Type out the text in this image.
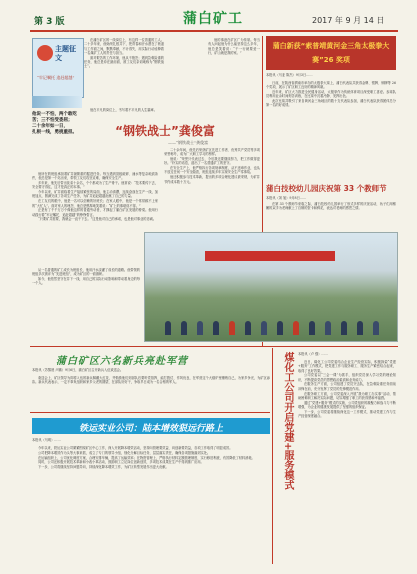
第 3 版	蒲白矿工	2017 年 9 月 14 日
主题征文
“牢记嘱托 追赶超越”

在蒲白矿区的一线岗位上，有这样一位普通的工人。二十多年来，他始终扎根井下，把青春和汗水洒在了巷道与工作面之间，默默奉献，不计得失，用实际行动诠释着一名煤矿工人的责任与担当。

面对艰苦的工作环境，他从不抱怨；遇到急难险重的任务，他总是冲在最前面，被工友们亲切地称为“钢铁战士”。

他在平凡的岗位上，书写着不平凡的人生篇章。

他说一不怕，两个敢吃苦；三不怕受委屈；
二十余年如一日，
扎根一线，勇挑重担。	“钢铁战士”龚俊富
——“钢铁战士”龚俊富

他所在的班组承担着矿井最繁重的掘进任务。每当遇到顶板破碎、涌水等复杂地质条件，他总是第一个站出来，带领工友们攻坚克难，确保安全生产。

多年来，他先后带出徒弟十余名，个个都成为了生产骨干。他常说：“技术要传下去，安全要守得住，这才是真正的本事。”

今年以来，矿井面临着生产接续紧张的局面，他主动请缨，连续奋战在生产一线，加班加点，圆满完成了各项生产任务，为矿井追赶超越贡献了自己的力量。

在工友们的眼中，他是一名可以信赖的好班长；在家人眼中，他是一个常常顾不上家的“大忙人”。面对家人的埋怨，他总是憨厚地笑着说：“矿上的事耽误不得。”

正是有了千千万万个像他这样的普通劳动者，才撑起了蒲白矿区发展的脊梁。他用行动践行着“牢记嘱托、追赶超越”的铮铮誓言。

“只要矿井需要，我就会一直干下去。”这是他对自己的承诺，也是他对事业的忠诚。

二十余年间，他先后荣获矿区先进工作者、优秀共产党员等多项荣誉称号，成为广大职工学习的榜样。

他说：“荣誉只代表过去，今后我还要继续努力，把工作做得更好。”朴实的话语，道出了一名普通矿工的坚守。

在安全生产上，他严格执行各项规章制度，从不违章作业，也从不放过任何一个安全隐患，班组连续多年实现安全生产零事故。

他还积极参与技术革新，提出的多项合理化建议被采纳，为矿井节约成本数十万元。

他的事迹在矿区广为传颂。每当有人问起他为什么能坚持这么多年，他总是笑着说：“干一行就要爱一行，矿山就是我的家。”

蒲白新获“索普靖黄河金三角太极拳大赛”26 奖项
本报讯（马亚 陈杰）9月3日……

日前，在陕西省渭南市举办的太极拳大赛上，蒲白代表队共获得金牌、银牌、铜牌等 26 个奖项，展示了矿区职工良好的精神风貌。

近年来，矿区大力推进全民健身活动，太极拳作为传统体育项目深受职工喜爱。参赛队员利用业余时间刻苦训练，在比赛中沉着冷静、发挥出色。

此次比赛共吸引了来自黄河金三角地区的数十支代表队参加，蒲白代表队获得团体总分第一名的好成绩。

蒲白技校幼儿园庆祝第 33 个教师节
本报讯（刘 旭）9月8日……

在第 33 个教师节来临之际，蒲白技校幼儿园举行了形式多样的庆祝活动，孩子们用稚嫩的双手为老师献上了自制的贺卡和鲜花，表达对老师的感恩之情。

从一名普通的矿工成长为班组长，他用汗水浇灌了成长的道路。他带领的班组多次被评为“先进班组”，成为矿区的一面旗帜。

如今，他依然坚守在井下一线，用自己的实际行动影响和带动着身边的每一个人。

蒲白矿区六名新兵亮赴军营
本报讯（苏黎晨 卢鹏）9月6日，蒲白矿区召开新兵入伍欢送会。

欢送会上，矿区领导为即将入伍的新兵佩戴大红花，并勉励他们到部队后要听党指挥、能打胜仗、作风优良，在军营这个大熔炉里锤炼自己，为家乡争光，为矿区添彩。新兵代表表示，一定不辜负组织和家乡父老的期望，在部队好好干，争取早日成为一名合格的军人。

铁运实业公司：陆本增效狠远行路上
本报讯（马明）……

今年以来，铁运实业公司紧紧围绕矿区中心工作，深入开展降本增效活动，坚持向管理要效益、向创新要效益，各项工作取得了明显成效。

公司把降本增效作为头等大事来抓，成立了专门的领导小组，细化分解目标任务，层层落实责任，确保各项措施落到实处。

在运输组织上，公司优化调度方案，合理安排车辆，提高了运输效率；在物资管理上，严格执行材料定额管理制度，实行修旧利废，有效降低了材料消耗。

同时，公司还积极开展技术革新和小改小革活动，鼓励职工立足岗位创新创效，多项技术成果在生产中得到推广应用。

下一步，公司将继续坚持问题导向，持续深化降本增效工作，为矿区转型发展作出更大贡献。	煤化工公司开启党建+服务模式 本报讯（卢 强）……

近日，煤化工公司党委结合企业生产经营实际，积极探索“党建+服务”工作模式，把党建工作与服务职工、服务生产紧密结合起来，取得了良好效果。

公司党委以“三会一课”为抓手，组织党员深入学习党的理论知识，不断提高党员的思想政治素质和业务能力。

在服务生产方面，公司组建了党员突击队，在急难险重任务面前冲锋在前，充分发挥了党员的先锋模范作用。

在服务职工方面，公司党委深入开展“我为职工办实事”活动，帮助困难职工解决实际问题，切实增强了职工的获得感和幸福感。

通过“党建+服务”模式的实施，公司党组织的凝聚力和战斗力不断增强，为企业的健康发展提供了坚强的组织保证。

下一步，公司党委将继续深化这一工作模式，推动党建工作与生产经营深度融合。
